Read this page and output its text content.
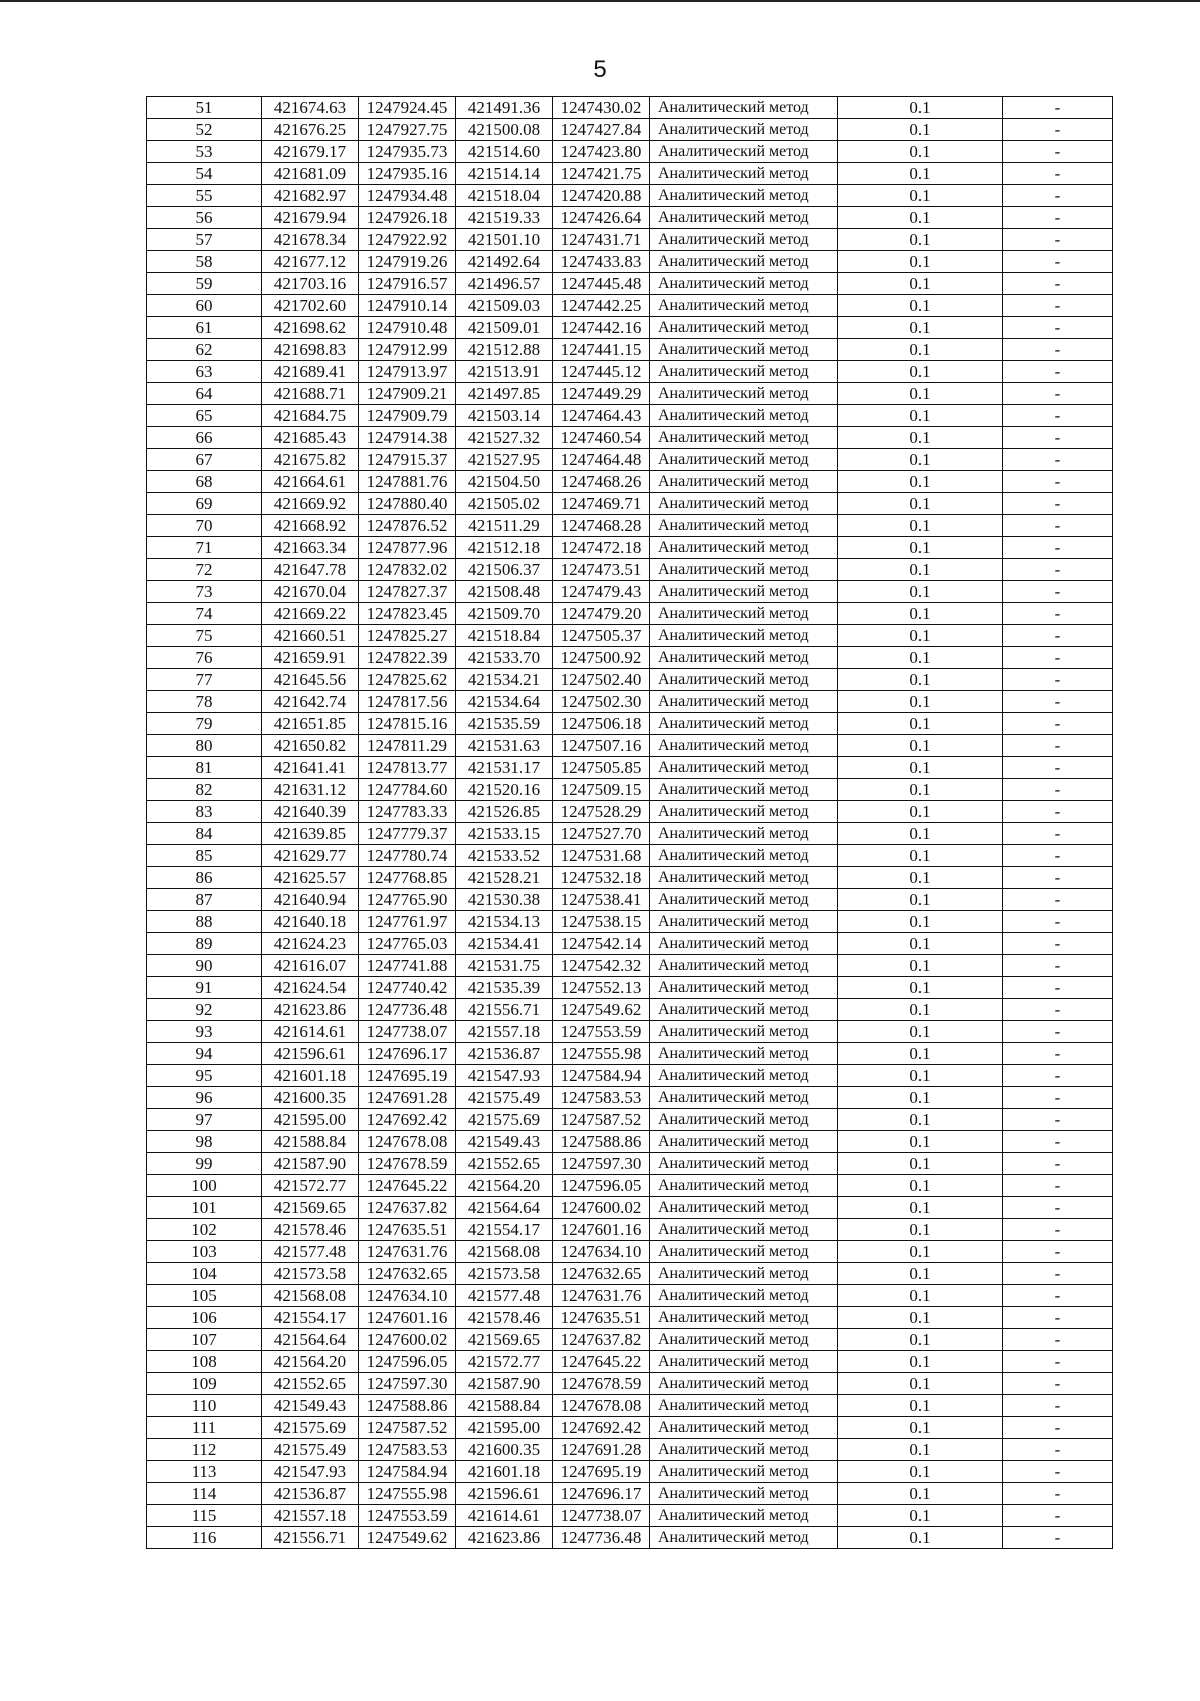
5
51	421674.63	1247924.45	421491.36	1247430.02	Аналитический метод	0.1	-
52	421676.25	1247927.75	421500.08	1247427.84	Аналитический метод	0.1	-
53	421679.17	1247935.73	421514.60	1247423.80	Аналитический метод	0.1	-
54	421681.09	1247935.16	421514.14	1247421.75	Аналитический метод	0.1	-
55	421682.97	1247934.48	421518.04	1247420.88	Аналитический метод	0.1	-
56	421679.94	1247926.18	421519.33	1247426.64	Аналитический метод	0.1	-
57	421678.34	1247922.92	421501.10	1247431.71	Аналитический метод	0.1	-
58	421677.12	1247919.26	421492.64	1247433.83	Аналитический метод	0.1	-
59	421703.16	1247916.57	421496.57	1247445.48	Аналитический метод	0.1	-
60	421702.60	1247910.14	421509.03	1247442.25	Аналитический метод	0.1	-
61	421698.62	1247910.48	421509.01	1247442.16	Аналитический метод	0.1	-
62	421698.83	1247912.99	421512.88	1247441.15	Аналитический метод	0.1	-
63	421689.41	1247913.97	421513.91	1247445.12	Аналитический метод	0.1	-
64	421688.71	1247909.21	421497.85	1247449.29	Аналитический метод	0.1	-
65	421684.75	1247909.79	421503.14	1247464.43	Аналитический метод	0.1	-
66	421685.43	1247914.38	421527.32	1247460.54	Аналитический метод	0.1	-
67	421675.82	1247915.37	421527.95	1247464.48	Аналитический метод	0.1	-
68	421664.61	1247881.76	421504.50	1247468.26	Аналитический метод	0.1	-
69	421669.92	1247880.40	421505.02	1247469.71	Аналитический метод	0.1	-
70	421668.92	1247876.52	421511.29	1247468.28	Аналитический метод	0.1	-
71	421663.34	1247877.96	421512.18	1247472.18	Аналитический метод	0.1	-
72	421647.78	1247832.02	421506.37	1247473.51	Аналитический метод	0.1	-
73	421670.04	1247827.37	421508.48	1247479.43	Аналитический метод	0.1	-
74	421669.22	1247823.45	421509.70	1247479.20	Аналитический метод	0.1	-
75	421660.51	1247825.27	421518.84	1247505.37	Аналитический метод	0.1	-
76	421659.91	1247822.39	421533.70	1247500.92	Аналитический метод	0.1	-
77	421645.56	1247825.62	421534.21	1247502.40	Аналитический метод	0.1	-
78	421642.74	1247817.56	421534.64	1247502.30	Аналитический метод	0.1	-
79	421651.85	1247815.16	421535.59	1247506.18	Аналитический метод	0.1	-
80	421650.82	1247811.29	421531.63	1247507.16	Аналитический метод	0.1	-
81	421641.41	1247813.77	421531.17	1247505.85	Аналитический метод	0.1	-
82	421631.12	1247784.60	421520.16	1247509.15	Аналитический метод	0.1	-
83	421640.39	1247783.33	421526.85	1247528.29	Аналитический метод	0.1	-
84	421639.85	1247779.37	421533.15	1247527.70	Аналитический метод	0.1	-
85	421629.77	1247780.74	421533.52	1247531.68	Аналитический метод	0.1	-
86	421625.57	1247768.85	421528.21	1247532.18	Аналитический метод	0.1	-
87	421640.94	1247765.90	421530.38	1247538.41	Аналитический метод	0.1	-
88	421640.18	1247761.97	421534.13	1247538.15	Аналитический метод	0.1	-
89	421624.23	1247765.03	421534.41	1247542.14	Аналитический метод	0.1	-
90	421616.07	1247741.88	421531.75	1247542.32	Аналитический метод	0.1	-
91	421624.54	1247740.42	421535.39	1247552.13	Аналитический метод	0.1	-
92	421623.86	1247736.48	421556.71	1247549.62	Аналитический метод	0.1	-
93	421614.61	1247738.07	421557.18	1247553.59	Аналитический метод	0.1	-
94	421596.61	1247696.17	421536.87	1247555.98	Аналитический метод	0.1	-
95	421601.18	1247695.19	421547.93	1247584.94	Аналитический метод	0.1	-
96	421600.35	1247691.28	421575.49	1247583.53	Аналитический метод	0.1	-
97	421595.00	1247692.42	421575.69	1247587.52	Аналитический метод	0.1	-
98	421588.84	1247678.08	421549.43	1247588.86	Аналитический метод	0.1	-
99	421587.90	1247678.59	421552.65	1247597.30	Аналитический метод	0.1	-
100	421572.77	1247645.22	421564.20	1247596.05	Аналитический метод	0.1	-
101	421569.65	1247637.82	421564.64	1247600.02	Аналитический метод	0.1	-
102	421578.46	1247635.51	421554.17	1247601.16	Аналитический метод	0.1	-
103	421577.48	1247631.76	421568.08	1247634.10	Аналитический метод	0.1	-
104	421573.58	1247632.65	421573.58	1247632.65	Аналитический метод	0.1	-
105	421568.08	1247634.10	421577.48	1247631.76	Аналитический метод	0.1	-
106	421554.17	1247601.16	421578.46	1247635.51	Аналитический метод	0.1	-
107	421564.64	1247600.02	421569.65	1247637.82	Аналитический метод	0.1	-
108	421564.20	1247596.05	421572.77	1247645.22	Аналитический метод	0.1	-
109	421552.65	1247597.30	421587.90	1247678.59	Аналитический метод	0.1	-
110	421549.43	1247588.86	421588.84	1247678.08	Аналитический метод	0.1	-
111	421575.69	1247587.52	421595.00	1247692.42	Аналитический метод	0.1	-
112	421575.49	1247583.53	421600.35	1247691.28	Аналитический метод	0.1	-
113	421547.93	1247584.94	421601.18	1247695.19	Аналитический метод	0.1	-
114	421536.87	1247555.98	421596.61	1247696.17	Аналитический метод	0.1	-
115	421557.18	1247553.59	421614.61	1247738.07	Аналитический метод	0.1	-
116	421556.71	1247549.62	421623.86	1247736.48	Аналитический метод	0.1	-
